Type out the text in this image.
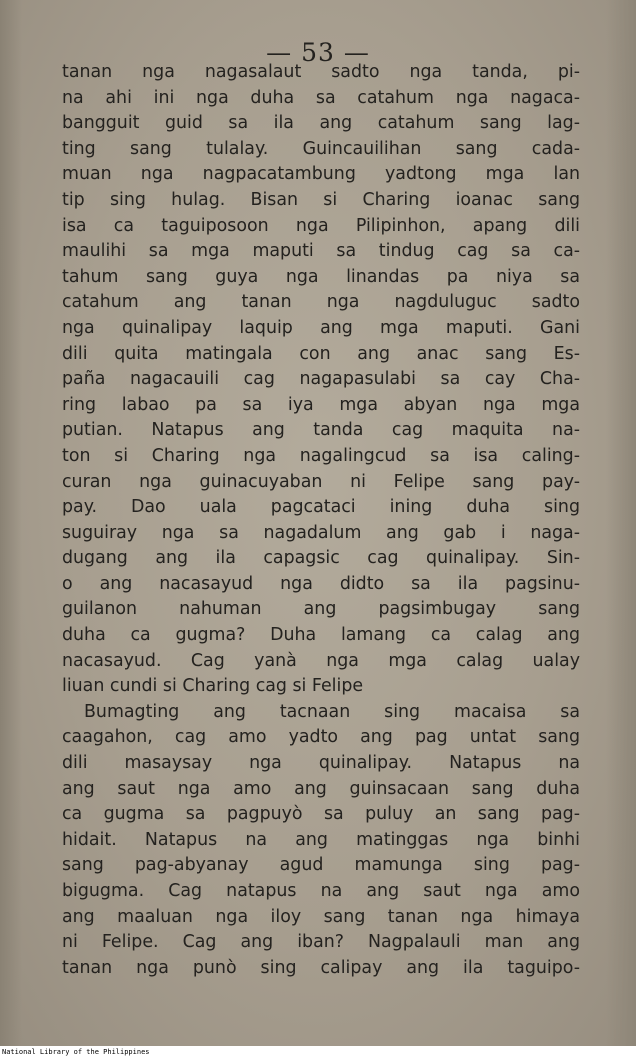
— 53 —
tanan nga nagasalaut sadto nga tanda, pi-
na ahi ini nga duha sa catahum nga nagaca-
bangguit guid sa ila ang catahum sang lag-
ting sang tulalay. Guincauilihan sang cada-
muan nga nagpacatambung yadtong mga lan
tip sing hulag. Bisan si Charing ioanac sang
isa ca taguiposoon nga Pilipinhon, apang dili
maulihi sa mga maputi sa tindug cag sa ca-
tahum sang guya nga linandas pa niya sa
catahum ang tanan nga nagduluguc sadto
nga quinalipay laquip ang mga maputi. Gani
dili quita matingala con ang anac sang Es-
paña nagacauili cag nagapasulabi sa cay Cha-
ring labao pa sa iya mga abyan nga mga
putian. Natapus ang tanda cag maquita na-
ton si Charing nga nagalingcud sa isa caling-
curan nga guinacuyaban ni Felipe sang pay-
pay. Dao uala pagcataci ining duha sing
suguiray nga sa nagadalum ang gab i naga-
dugang ang ila capagsic cag quinalipay. Sin-
o ang nacasayud nga didto sa ila pagsinu-
guilanon nahuman ang pagsimbugay sang
duha ca gugma? Duha lamang ca calag ang
nacasayud. Cag yanà nga mga calag ualay
liuan cundi si Charing cag si Felipe
Bumagting ang tacnaan sing macaisa sa
caagahon, cag amo yadto ang pag untat sang
dili masaysay nga quinalipay. Natapus na
ang saut nga amo ang guinsacaan sang duha
ca gugma sa pagpuyò sa puluy an sang pag-
hidait. Natapus na ang matinggas nga binhi
sang pag-abyanay agud mamunga sing pag-
bigugma. Cag natapus na ang saut nga amo
ang maaluan nga iloy sang tanan nga himaya
ni Felipe. Cag ang iban? Nagpalauli man ang
tanan nga punò sing calipay ang ila taguipo-
National Library of the Philippines
